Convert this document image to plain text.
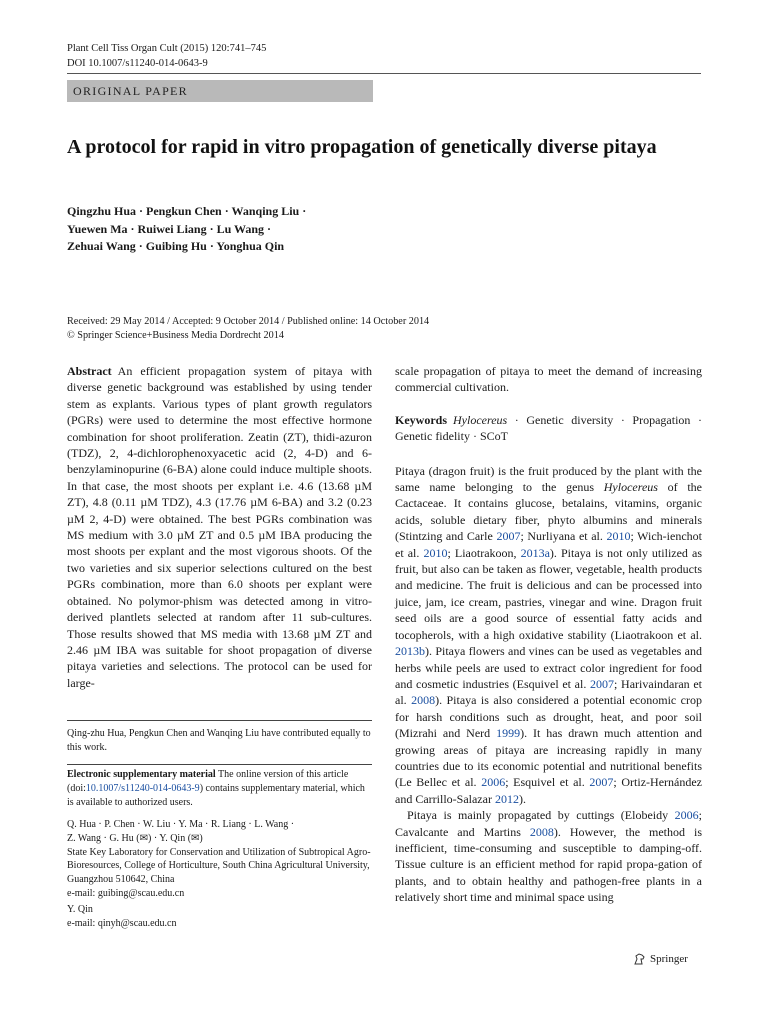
Plant Cell Tiss Organ Cult (2015) 120:741–745
DOI 10.1007/s11240-014-0643-9
ORIGINAL PAPER
A protocol for rapid in vitro propagation of genetically diverse pitaya
Qingzhu Hua · Pengkun Chen · Wanqing Liu ·
Yuewen Ma · Ruiwei Liang · Lu Wang ·
Zehuai Wang · Guibing Hu · Yonghua Qin
Received: 29 May 2014 / Accepted: 9 October 2014 / Published online: 14 October 2014
© Springer Science+Business Media Dordrecht 2014

Abstract An efficient propagation system of pitaya with diverse genetic background was established by using tender stem as explants. Various types of plant growth regulators (PGRs) were used to determine the most effective hormone combination for shoot proliferation. Zeatin (ZT), thidi-azuron (TDZ), 2, 4-dichlorophenoxyacetic acid (2, 4-D) and 6-benzylaminopurine (6-BA) alone could induce multiple shoots. In that case, the most shoots per explant i.e. 4.6 (13.68 µM ZT), 4.8 (0.11 µM TDZ), 4.3 (17.76 µM 6-BA) and 3.2 (0.23 µM 2, 4-D) were obtained. The best PGRs combination was MS medium with 3.0 µM ZT and 0.5 µM IBA producing the most shoots per explant and the most vigorous shoots. Of the two varieties and six superior selections cultured on the best PGRs combination, more than 6.0 shoots per explant were obtained. No polymor-phism was detected among in vitro-derived plantlets selected at random after 11 sub-cultures. Those results showed that MS media with 13.68 µM ZT and 2.46 µM IBA was suitable for shoot propagation of diverse pitaya varieties and selections. The protocol can be used for large-

Qing-zhu Hua, Pengkun Chen and Wanqing Liu have contributed equally to this work.
Electronic supplementary material The online version of this article (doi:10.1007/s11240-014-0643-9) contains supplementary material, which is available to authorized users.
Q. Hua · P. Chen · W. Liu · Y. Ma · R. Liang · L. Wang ·
Z. Wang · G. Hu (✉) · Y. Qin (✉)
State Key Laboratory for Conservation and Utilization of Subtropical Agro-Bioresources, College of Horticulture, South China Agricultural University, Guangzhou 510642, China
e-mail: guibing@scau.edu.cn
Y. Qin
e-mail: qinyh@scau.edu.cn

scale propagation of pitaya to meet the demand of increasing commercial cultivation.

Keywords Hylocereus · Genetic diversity · Propagation · Genetic fidelity · SCoT

Pitaya (dragon fruit) is the fruit produced by the plant with the same name belonging to the genus Hylocereus of the Cactaceae. It contains glucose, betalains, vitamins, organic acids, soluble dietary fiber, phyto albumins and minerals (Stintzing and Carle 2007; Nurliyana et al. 2010; Wich-ienchot et al. 2010; Liaotrakoon, 2013a). Pitaya is not only utilized as fruit, but also can be taken as flower, vegetable, health products and medicine. The fruit is delicious and can be processed into juice, jam, ice cream, pastries, vinegar and wine. Dragon fruit seed oils are a good source of essential fatty acids and tocopherols, with a high oxidative stability (Liaotrakoon et al. 2013b). Pitaya flowers and vines can be used as vegetables and herbs while peels are used to extract color ingredient for food and cosmetic industries (Esquivel et al. 2007; Harivaindaran et al. 2008). Pitaya is also considered a potential economic crop for harsh conditions such as drought, heat, and poor soil (Mizrahi and Nerd 1999). It has drawn much attention and growing areas of pitaya are increasing rapidly in many countries due to its economic potential and nutritional benefits (Le Bellec et al. 2006; Esquivel et al. 2007; Ortiz-Hernández and Carrillo-Salazar 2012).

Pitaya is mainly propagated by cuttings (Elobeidy 2006; Cavalcante and Martins 2008). However, the method is inefficient, time-consuming and susceptible to damping-off. Tissue culture is an efficient method for rapid propa-gation of plants, and to obtain healthy and pathogen-free plants in a relatively short time and minimal space using

Springer
